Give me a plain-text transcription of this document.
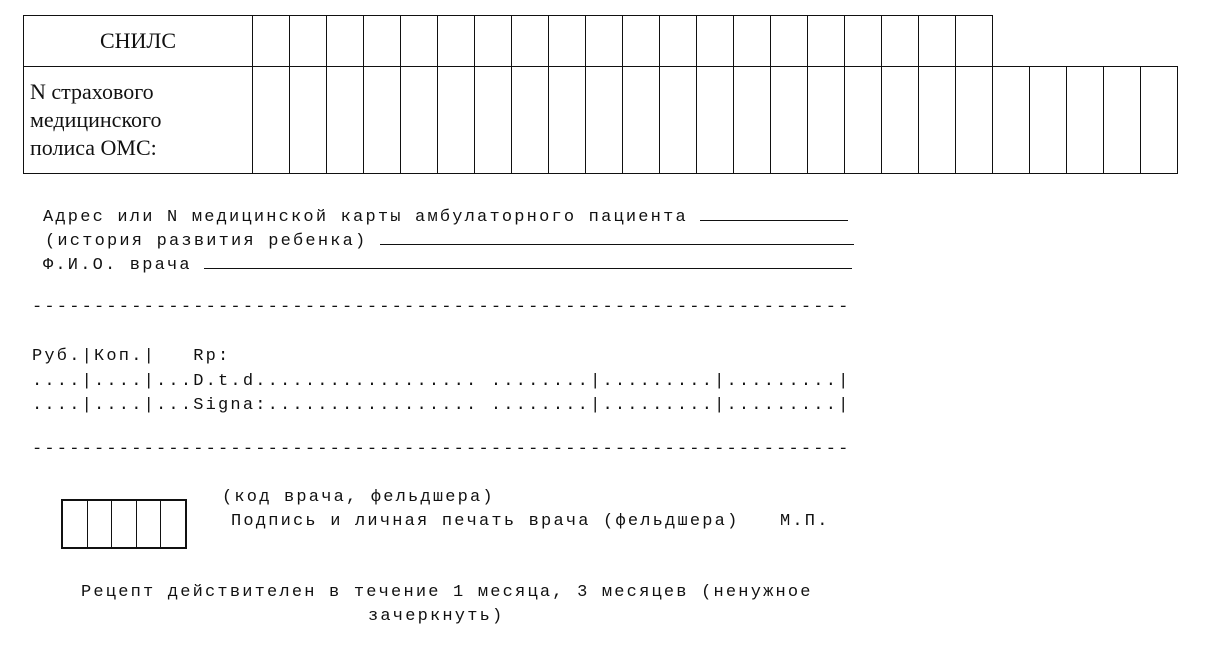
СНИЛС																									

N страхового
медицинского
полиса ОМС:																									

Адрес или N медицинской карты амбулаторного пациента
(история развития ребенка)
Ф.И.О. врача
------------------------------------------------------------------
Руб.|Коп.|   Rp:
....|....|...D.t.d.................. ........|.........|.........|
....|....|...Signa:................. ........|.........|.........|
------------------------------------------------------------------
(код врача, фельдшера)
Подпись и личная печать врача (фельдшера) М.П.
Рецепт действителен в течение 1 месяца, 3 месяцев (ненужное
зачеркнуть)
